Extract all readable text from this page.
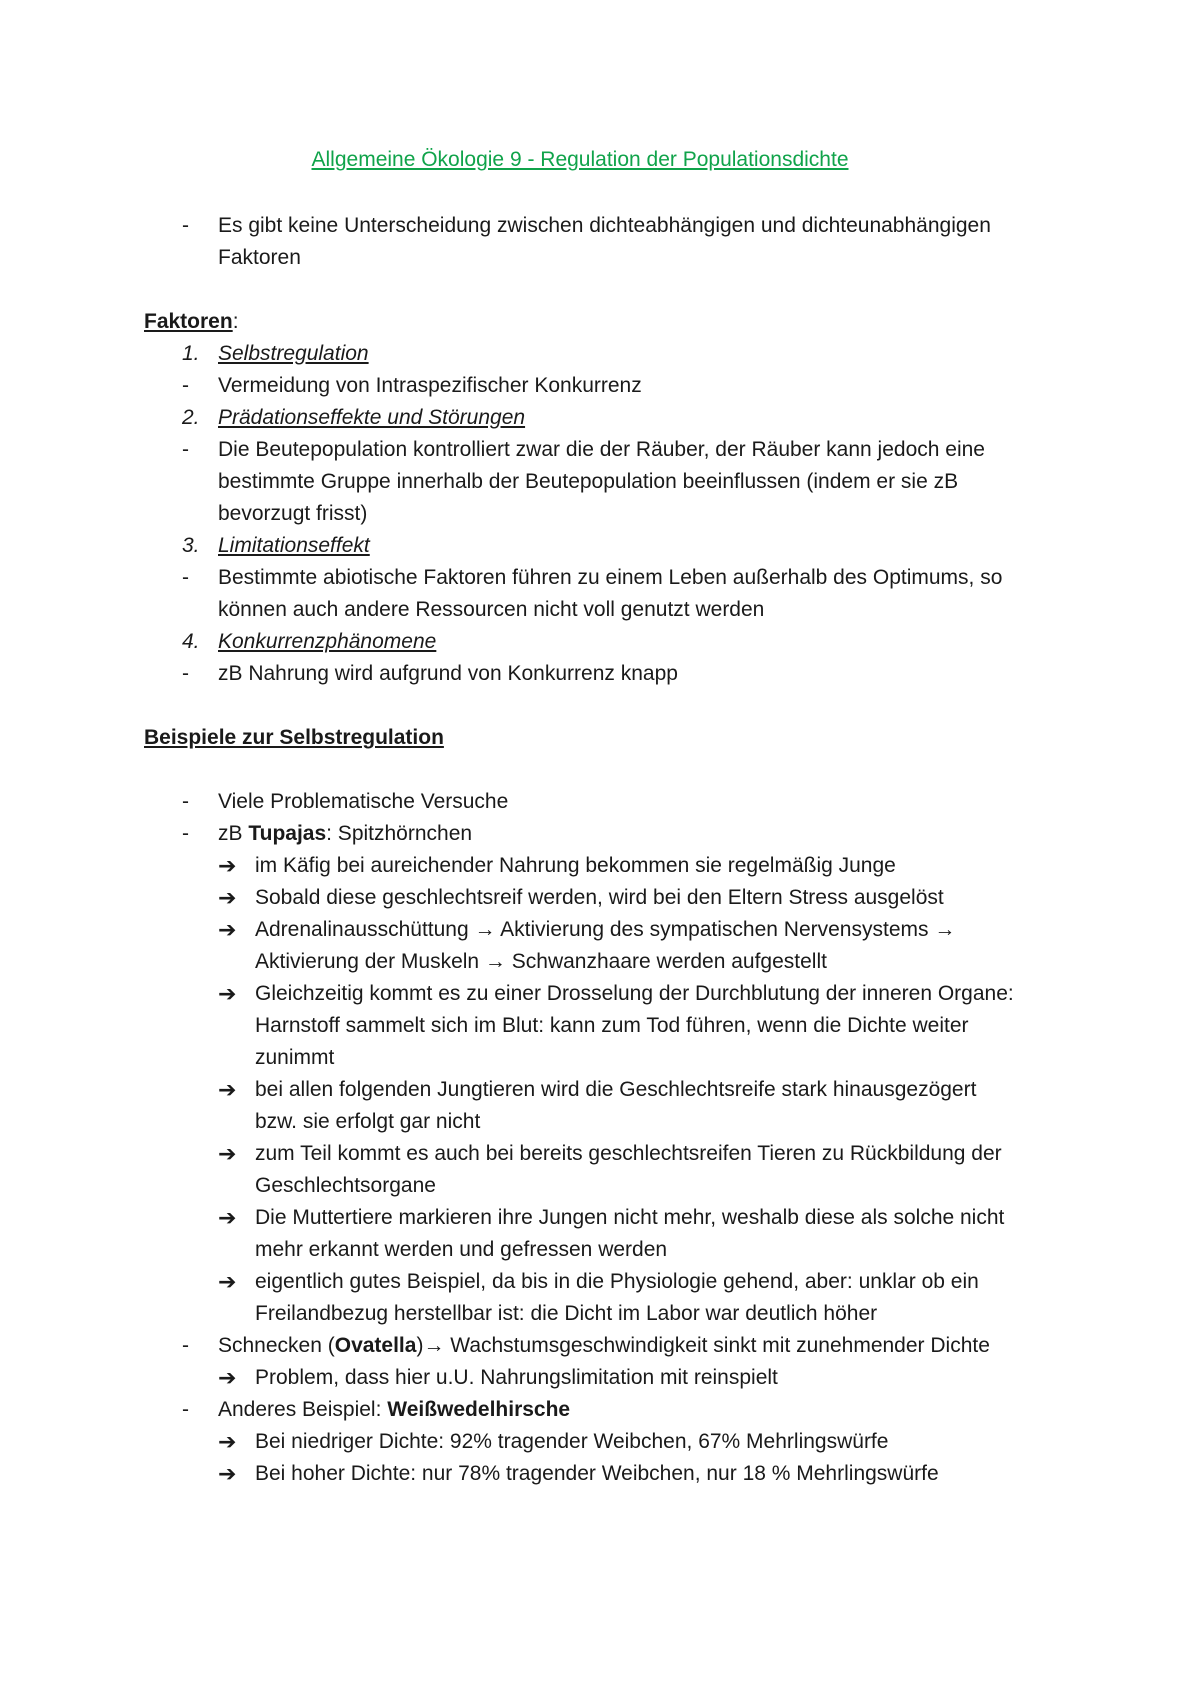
Allgemeine Ökologie 9 - Regulation der Populationsdichte
-	Es gibt keine Unterscheidung zwischen dichteabhängigen und dichteunabhängigen Faktoren
Faktoren:
1. Selbstregulation
-	Vermeidung von Intraspezifischer Konkurrenz
2. Prädationseffekte und Störungen
-	Die Beutepopulation kontrolliert zwar die der Räuber, der Räuber kann jedoch eine bestimmte Gruppe innerhalb der Beutepopulation beeinflussen (indem er sie zB bevorzugt frisst)
3. Limitationseffekt
-	Bestimmte abiotische Faktoren führen zu einem Leben außerhalb des Optimums, so können auch andere Ressourcen nicht voll genutzt werden
4. Konkurrenzphänomene
-	zB Nahrung wird aufgrund von Konkurrenz knapp
Beispiele zur Selbstregulation
-	Viele Problematische Versuche
-	zB Tupajas: Spitzhörnchen
➔ im Käfig bei aureichender Nahrung bekommen sie regelmäßig Junge
➔ Sobald diese geschlechtsreif werden, wird bei den Eltern Stress ausgelöst
➔ Adrenalinausschüttung → Aktivierung des sympatischen Nervensystems → Aktivierung der Muskeln → Schwanzhaare werden aufgestellt
➔ Gleichzeitig kommt es zu einer Drosselung der Durchblutung der inneren Organe: Harnstoff sammelt sich im Blut: kann zum Tod führen, wenn die Dichte weiter zunimmt
➔ bei allen folgenden Jungtieren wird die Geschlechtsreife stark hinausgezögert bzw. sie erfolgt gar nicht
➔ zum Teil kommt es auch bei bereits geschlechtsreifen Tieren zu Rückbildung der Geschlechtsorgane
➔ Die Muttertiere markieren ihre Jungen nicht mehr, weshalb diese als solche nicht mehr erkannt werden und gefressen werden
➔ eigentlich gutes Beispiel, da bis in die Physiologie gehend, aber: unklar ob ein Freilandbezug herstellbar ist: die Dicht im Labor war deutlich höher
-	Schnecken (Ovatella)→ Wachstumsgeschwindigkeit sinkt mit zunehmender Dichte
➔ Problem, dass hier u.U. Nahrungslimitation mit reinspielt
-	Anderes Beispiel: Weißwedelhirsche
➔ Bei niedriger Dichte: 92% tragender Weibchen, 67% Mehrlingswürfe
➔ Bei hoher Dichte: nur 78% tragender Weibchen, nur 18 % Mehrlingswürfe
